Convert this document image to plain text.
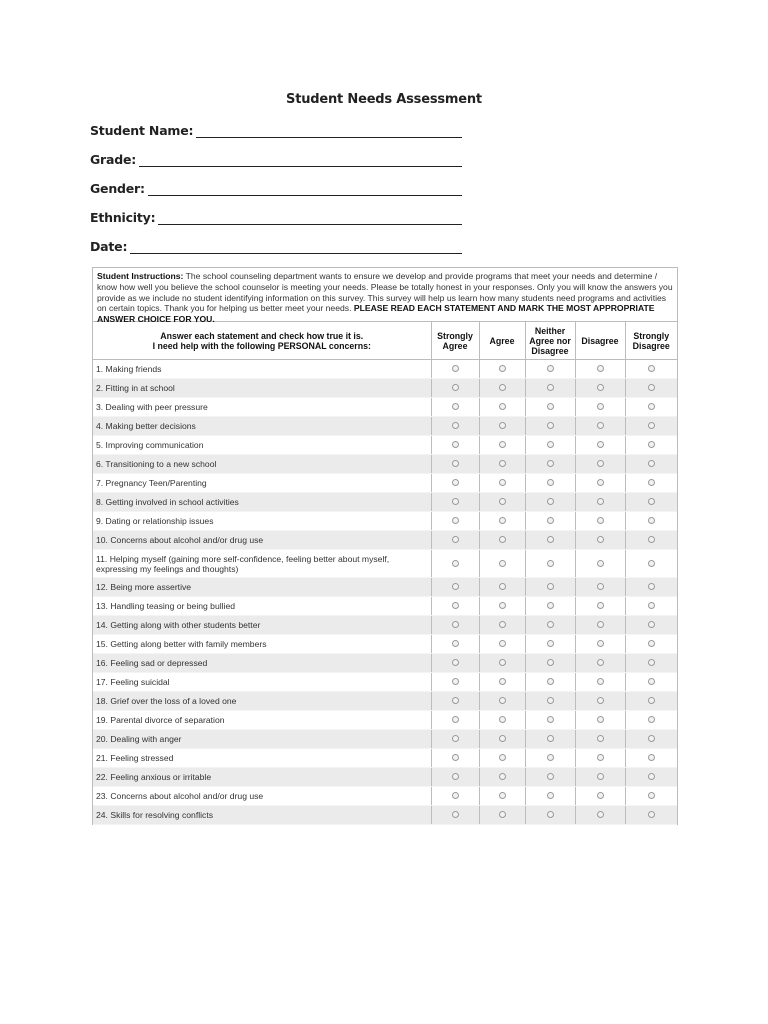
Student Needs Assessment
Student Name:
Grade:
Gender:
Ethnicity:
Date:
Student Instructions: The school counseling department wants to ensure we develop and provide programs that meet your needs and determine / know how well you believe the school counselor is meeting your needs. Please be totally honest in your responses. Only you will know the answers you provide as we include no student identifying information on this survey. This survey will help us learn how many students need programs and activities on certain topics. Thank you for helping us better meet your needs. PLEASE READ EACH STATEMENT AND MARK THE MOST APPROPRIATE ANSWER CHOICE FOR YOU.
Answer each statement and check how true it is.
I need help with the following PERSONAL concerns:	Strongly Agree	Agree	Neither Agree nor Disagree	Disagree	Strongly Disagree
1. Making friends					
2. Fitting in at school					
3. Dealing with peer pressure					
4. Making better decisions					
5. Improving communication					
6. Transitioning to a new school					
7. Pregnancy Teen/Parenting					
8. Getting involved in school activities					
9. Dating or relationship issues					
10. Concerns about alcohol and/or drug use					
11. Helping myself (gaining more self-confidence, feeling better about myself, expressing my feelings and thoughts)					
12. Being more assertive					
13. Handling teasing or being bullied					
14. Getting along with other students better					
15. Getting along better with family members					
16. Feeling sad or depressed					
17. Feeling suicidal					
18. Grief over the loss of a loved one					
19. Parental divorce of separation					
20. Dealing with anger					
21. Feeling stressed					
22. Feeling anxious or irritable					
23. Concerns about alcohol and/or drug use					
24. Skills for resolving conflicts					
